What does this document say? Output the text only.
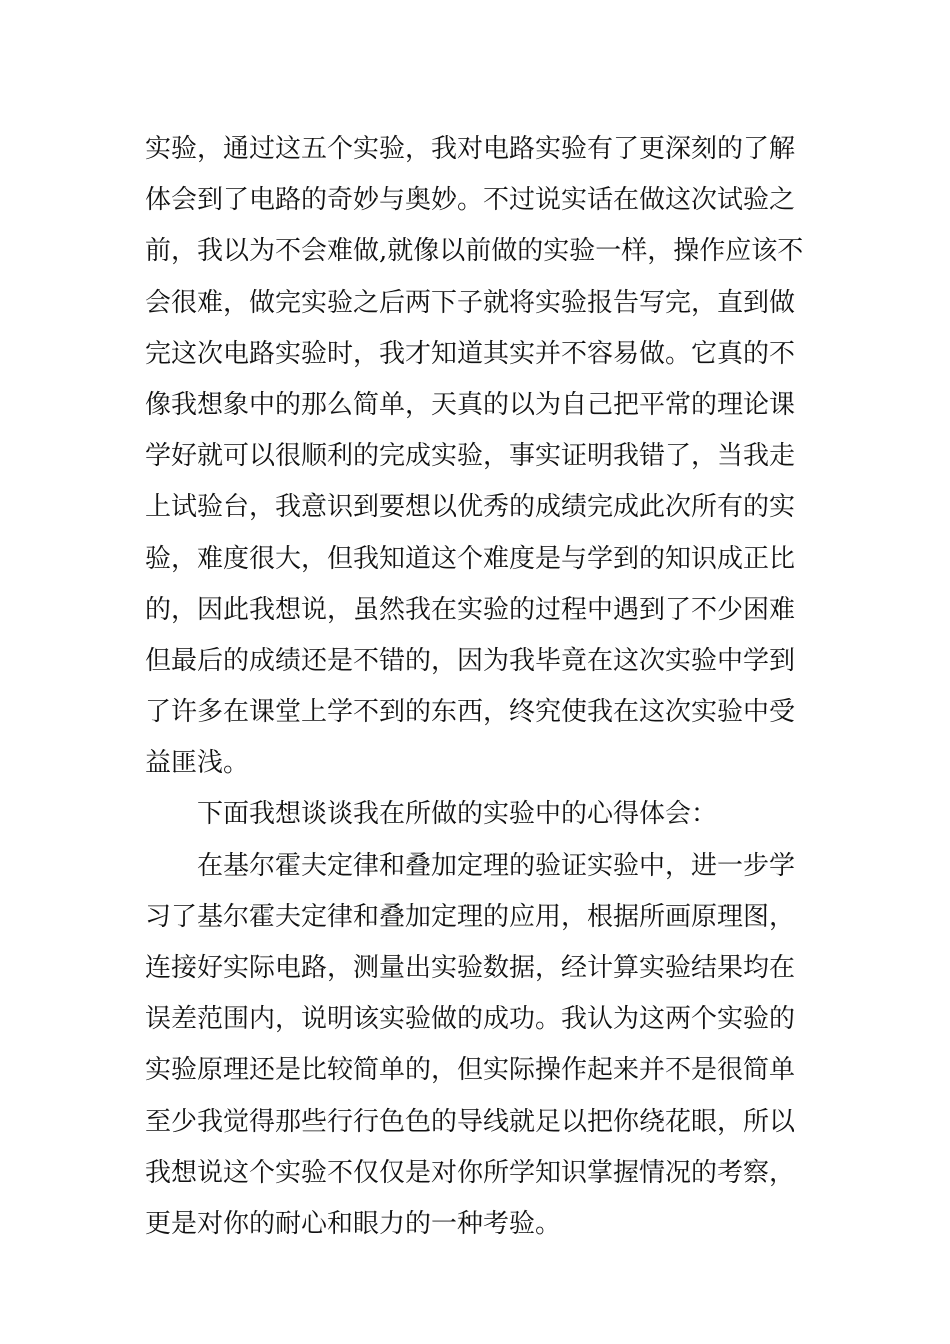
实验，通过这五个实验，我对电路实验有了更深刻的了解
体会到了电路的奇妙与奥妙。不过说实话在做这次试验之
前，我以为不会难做,就像以前做的实验一样，操作应该不
会很难，做完实验之后两下子就将实验报告写完，直到做
完这次电路实验时，我才知道其实并不容易做。它真的不
像我想象中的那么简单，天真的以为自己把平常的理论课
学好就可以很顺利的完成实验，事实证明我错了，当我走
上试验台，我意识到要想以优秀的成绩完成此次所有的实
验，难度很大，但我知道这个难度是与学到的知识成正比
的，因此我想说，虽然我在实验的过程中遇到了不少困难
但最后的成绩还是不错的，因为我毕竟在这次实验中学到
了许多在课堂上学不到的东西，终究使我在这次实验中受
益匪浅。
下面我想谈谈我在所做的实验中的心得体会：
在基尔霍夫定律和叠加定理的验证实验中，进一步学
习了基尔霍夫定律和叠加定理的应用，根据所画原理图，
连接好实际电路，测量出实验数据，经计算实验结果均在
误差范围内，说明该实验做的成功。我认为这两个实验的
实验原理还是比较简单的，但实际操作起来并不是很简单
至少我觉得那些行行色色的导线就足以把你绕花眼，所以
我想说这个实验不仅仅是对你所学知识掌握情况的考察，
更是对你的耐心和眼力的一种考验。
